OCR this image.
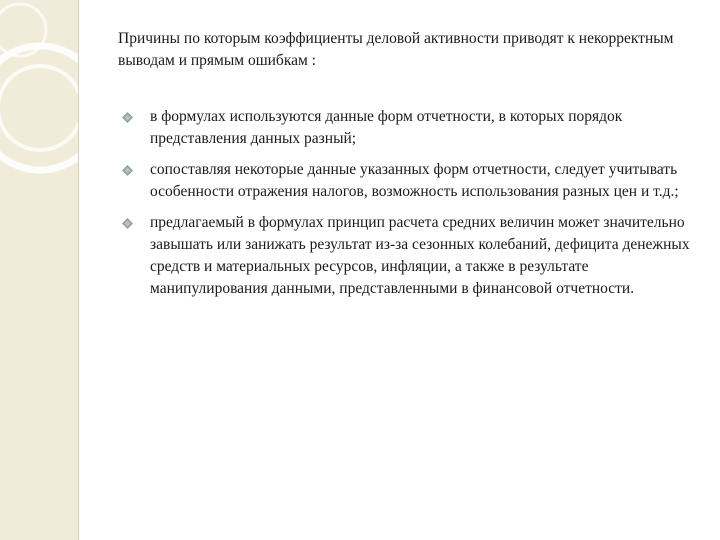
Причины по которым коэффициенты деловой активности приводят к некорректным выводам и прямым ошибкам :
в формулах используются данные форм отчетности, в которых порядок представления данных разный;
сопоставляя некоторые данные указанных форм отчетности, следует учитывать особенности отражения налогов, возможность использования разных цен и т.д.;
предлагаемый в формулах принцип расчета средних величин может значительно завышать или занижать результат из-за сезонных колебаний, дефицита денежных средств и материальных ресурсов, инфляции, а также в результате манипулирования данными, представленными в финансовой отчетности.
